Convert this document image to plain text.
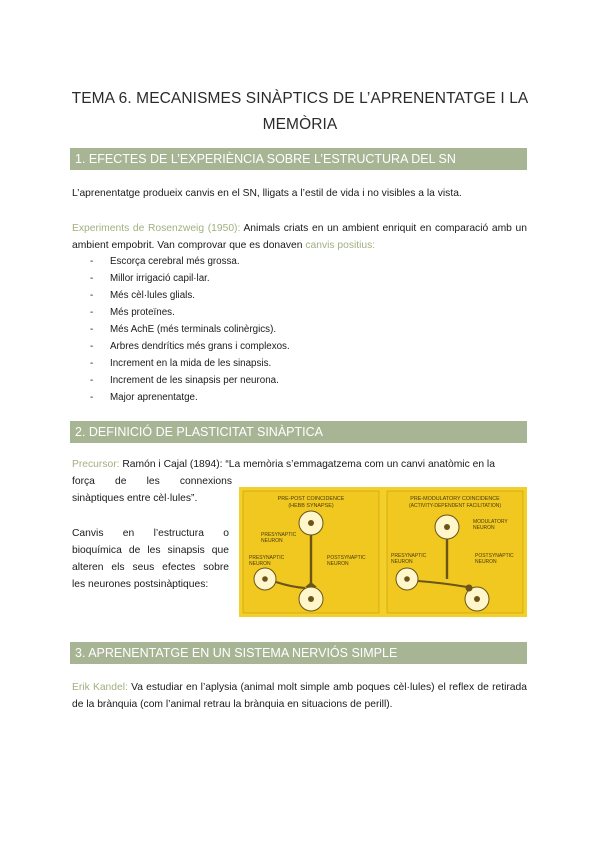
TEMA 6. MECANISMES SINÀPTICS DE L’APRENENTATGE I LA
MEMÒRIA
1. EFECTES DE L’EXPERIÈNCIA SOBRE L’ESTRUCTURA DEL SN
L’aprenentatge produeix canvis en el SN, lligats a l’estil de vida i no visibles a la vista.
Experiments de Rosenzweig (1950): Animals criats en un ambient enriquit en comparació amb un ambient empobrit. Van comprovar que es donaven canvis positius:
- Escorça cerebral més grossa.
- Millor irrigació capil·lar.
- Més cèl·lules glials.
- Més proteïnes.
- Més AchE (més terminals colinèrgics).
- Arbres dendrítics més grans i complexos.
- Increment en la mida de les sinapsis.
- Increment de les sinapsis per neurona.
- Major aprenentatge.
2. DEFINICIÓ DE PLASTICITAT SINÀPTICA
Precursor: Ramón i Cajal (1894): “La memòria s’emmagatzema com un canvi anatòmic en la
força de les connexions
sinàptiques entre cèl·lules”.
Canvis en l’estructura o
bioquímica de les sinapsis que
alteren els seus efectes sobre
les neurones postsinàptiques:
PRE-POST COINCIDENCE
(HEBB SYNAPSE)
PRESYNAPTIC
NEURON
PRESYNAPTIC
NEURON
POSTSYNAPTIC
NEURON
PRE-MODULATORY COINCIDENCE
(ACTIVITY-DEPENDENT FACILITATION)
MODULATORY
NEURON
PRESYNAPTIC
NEURON
POSTSYNAPTIC
NEURON
3. APRENENTATGE EN UN SISTEMA NERVIÓS SIMPLE
Erik Kandel: Va estudiar en l’aplysia (animal molt simple amb poques cèl·lules) el reflex de retirada de la brànquia (com l’animal retrau la brànquia en situacions de perill).
